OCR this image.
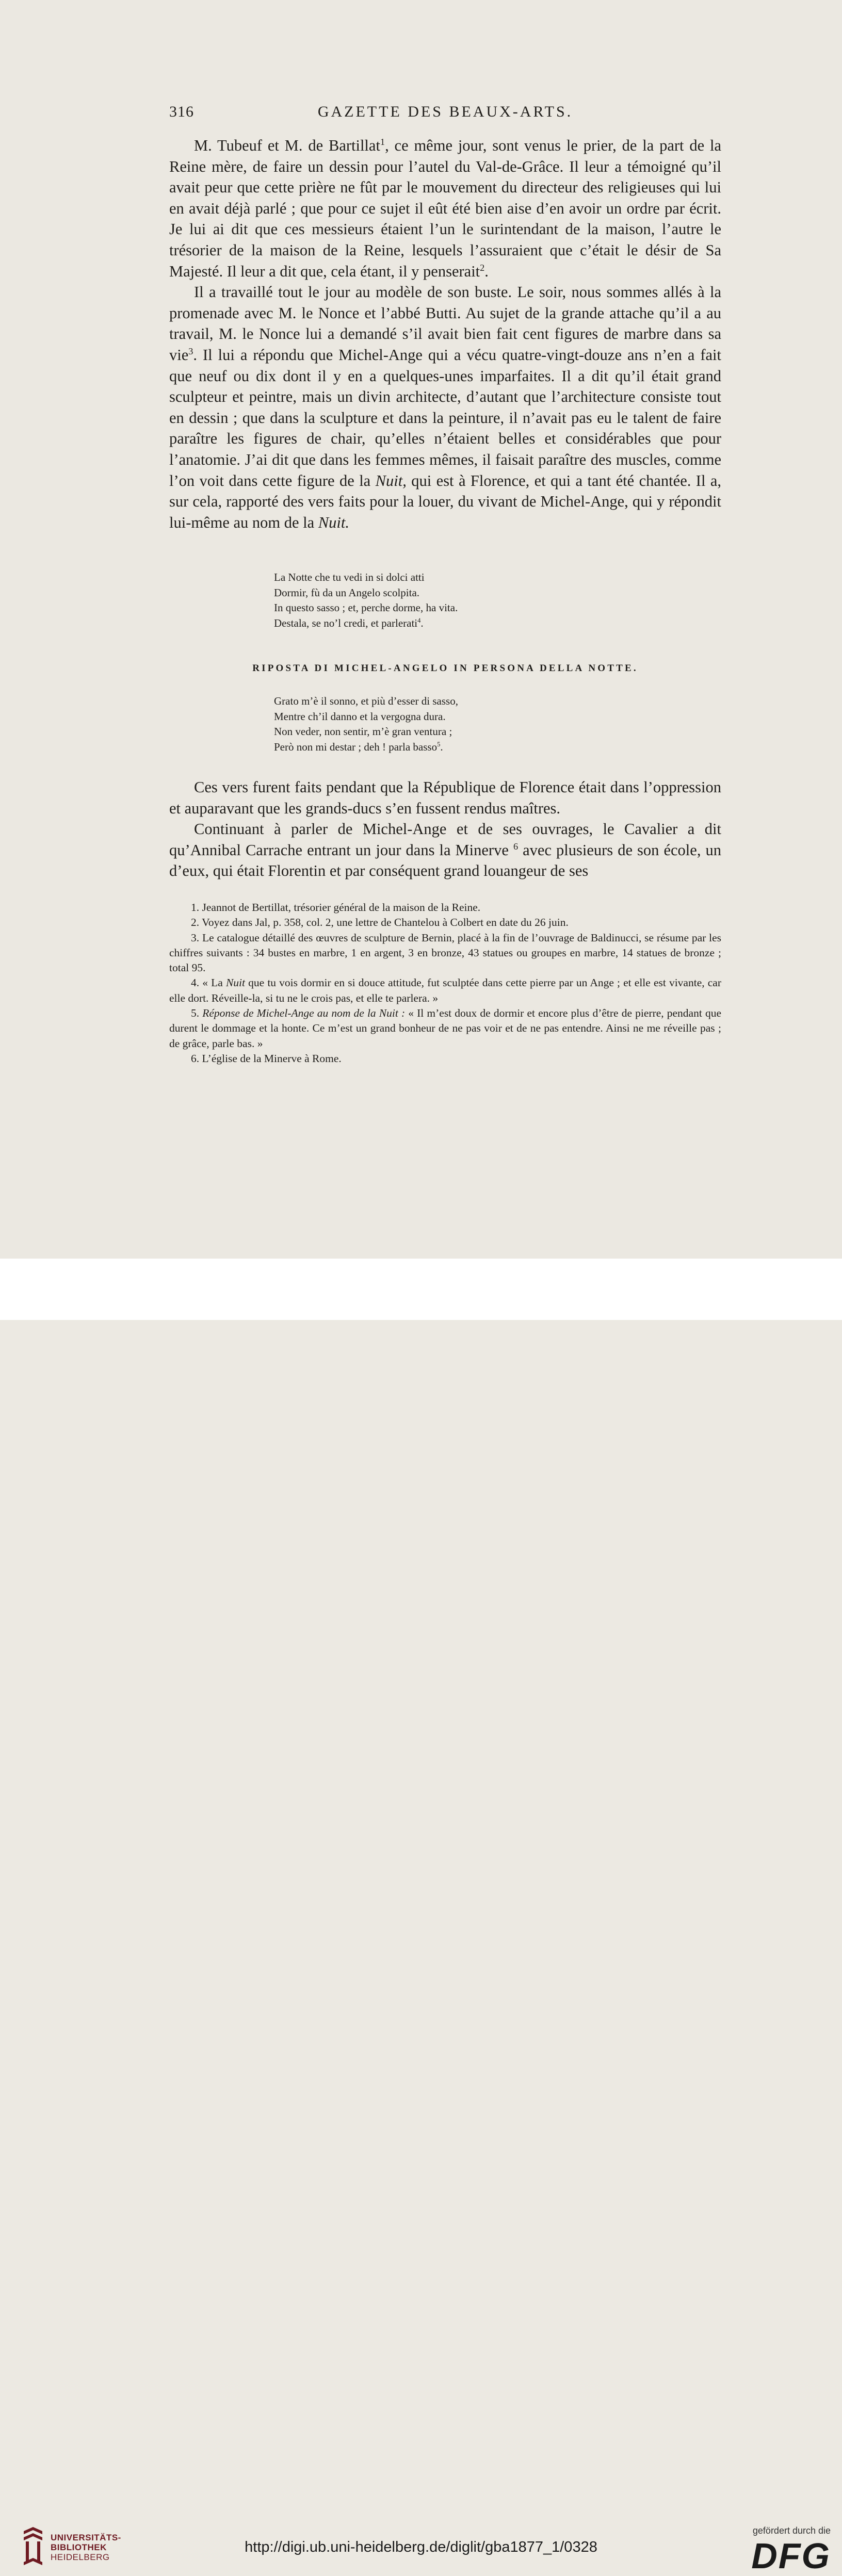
316	GAZETTE DES BEAUX-ARTS.

M. Tubeuf et M. de Bartillat$^1$, ce même jour, sont venus le prier, de la part de la Reine mère, de faire un dessin pour l’autel du Val-de-Grâce. Il leur a témoigné qu’il avait peur que cette prière ne fût par le mouvement du directeur des religieuses qui lui en avait déjà parlé ; que pour ce sujet il eût été bien aise d’en avoir un ordre par écrit. Je lui ai dit que ces messieurs étaient l’un le surintendant de la maison, l’autre le trésorier de la maison de la Reine, lesquels l’assuraient que c’était le désir de Sa Majesté. Il leur a dit que, cela étant, il y penserait$^2$.

Il a travaillé tout le jour au modèle de son buste. Le soir, nous sommes allés à la promenade avec M. le Nonce et l’abbé Butti. Au sujet de la grande attache qu’il a au travail, M. le Nonce lui a demandé s’il avait bien fait cent figures de marbre dans sa vie$^3$. Il lui a répondu que Michel-Ange qui a vécu quatre-vingt-douze ans n’en a fait que neuf ou dix dont il y en a quelques-unes imparfaites. Il a dit qu’il était grand sculpteur et peintre, mais un divin architecte, d’autant que l’architecture consiste tout en dessin ; que dans la sculpture et dans la peinture, il n’avait pas eu le talent de faire paraître les figures de chair, qu’elles n’étaient belles et considérables que pour l’anatomie. J’ai dit que dans les femmes mêmes, il faisait paraître des muscles, comme l’on voit dans cette figure de la Nuit, qui est à Florence, et qui a tant été chantée. Il a, sur cela, rapporté des vers faits pour la louer, du vivant de Michel-Ange, qui y répondit lui-même au nom de la Nuit.

La Notte che tu vedi in si dolci atti
Dormir, fù da un Angelo scolpita.
In questo sasso ; et, perche dorme, ha vita.
Destala, se no’l credi, et parlerati$^4$.
RIPOSTA DI MICHEL-ANGELO IN PERSONA DELLA NOTTE.
Grato m’è il sonno, et più d’esser di sasso,
Mentre ch’il danno et la vergogna dura.
Non veder, non sentir, m’è gran ventura ;
Però non mi destar ; deh ! parla basso$^5$.

Ces vers furent faits pendant que la République de Florence était dans l’oppression et auparavant que les grands-ducs s’en fussent rendus maîtres.

Continuant à parler de Michel-Ange et de ses ouvrages, le Cavalier a dit qu’Annibal Carrache entrant un jour dans la Minerve $^6$ avec plusieurs de son école, un d’eux, qui était Florentin et par conséquent grand louangeur de ses

1. Jeannot de Bertillat, trésorier général de la maison de la Reine.

2. Voyez dans Jal, p. 358, col. 2, une lettre de Chantelou à Colbert en date du 26 juin.

3. Le catalogue détaillé des œuvres de sculpture de Bernin, placé à la fin de l’ouvrage de Baldinucci, se résume par les chiffres suivants : 34 bustes en marbre, 1 en argent, 3 en bronze, 43 statues ou groupes en marbre, 14 statues de bronze ; total 95.

4. « La Nuit que tu vois dormir en si douce attitude, fut sculptée dans cette pierre par un Ange ; et elle est vivante, car elle dort. Réveille-la, si tu ne le crois pas, et elle te parlera. »

5. Réponse de Michel-Ange au nom de la Nuit : « Il m’est doux de dormir et encore plus d’être de pierre, pendant que durent le dommage et la honte. Ce m’est un grand bonheur de ne pas voir et de ne pas entendre. Ainsi ne me réveille pas ; de grâce, parle bas. »

6. L’église de la Minerve à Rome.

UNIVERSITÄTS-
BIBLIOTHEK
HEIDELBERG
http://digi.ub.uni-heidelberg.de/diglit/gba1877_1/0328
gefördert durch die
DFG
